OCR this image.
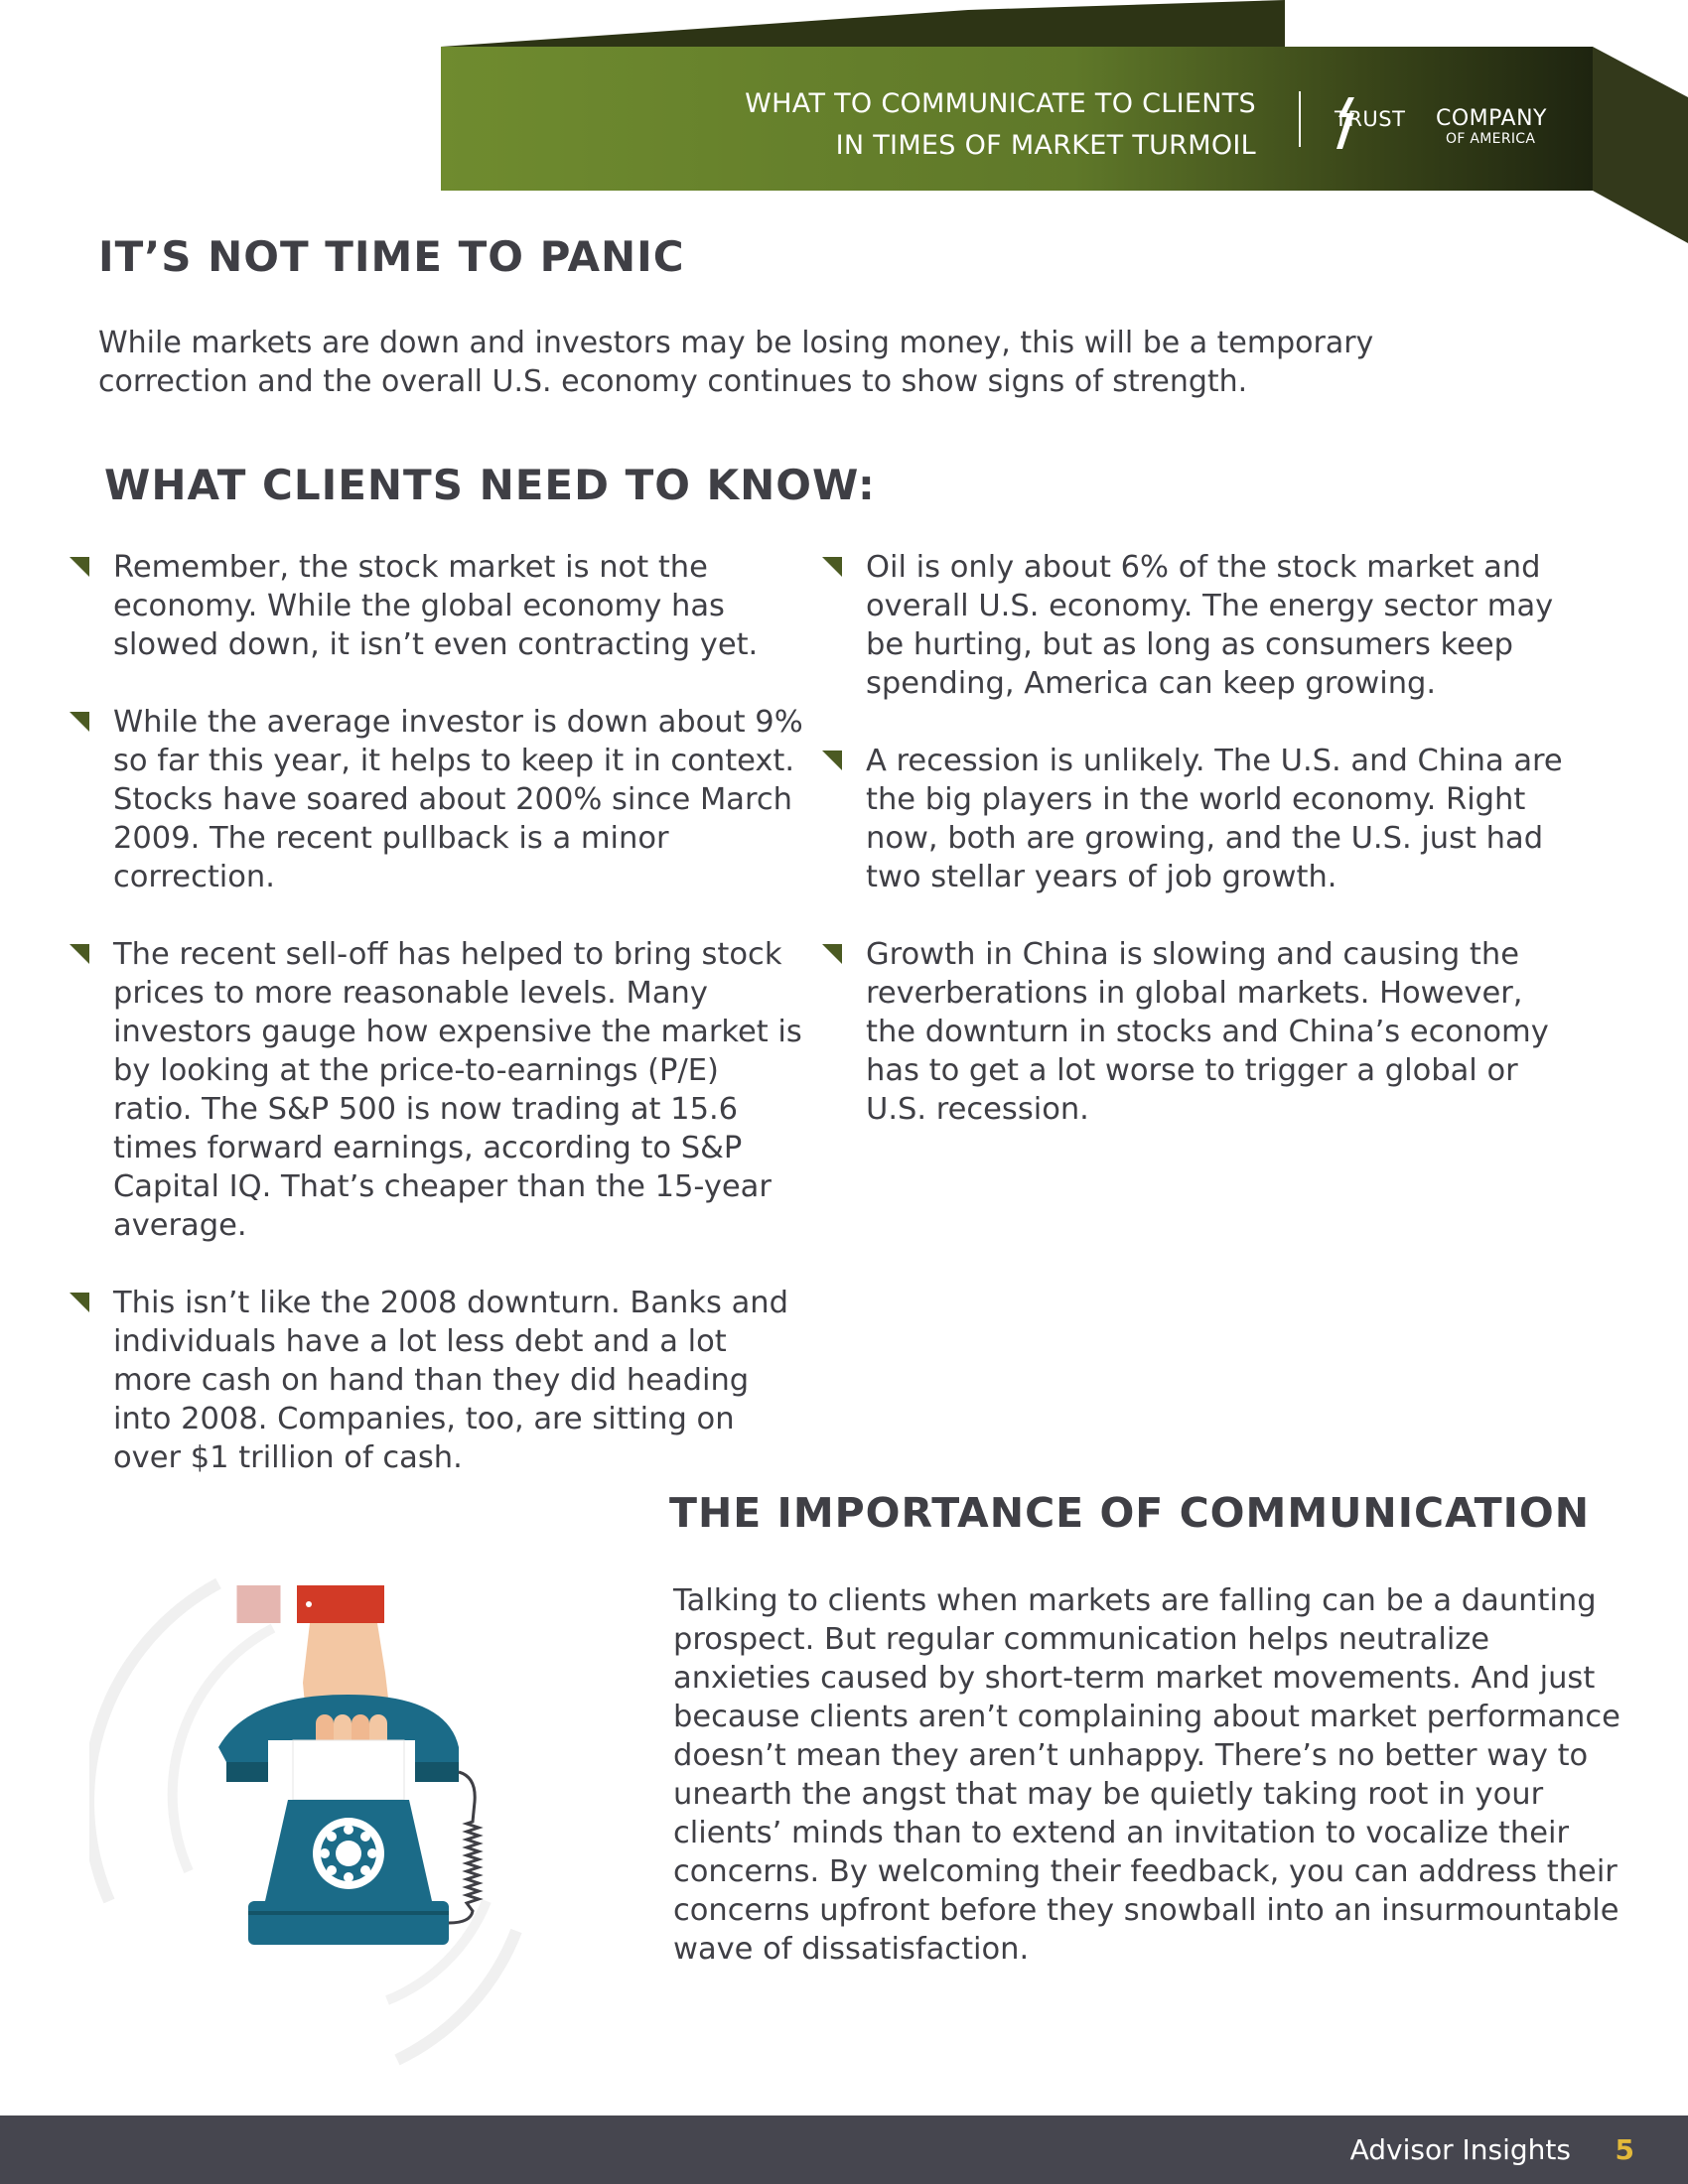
WHAT TO COMMUNICATE TO CLIENTS
IN TIMES OF MARKET TURMOIL
TRUST COMPANY
OF AMERICA
IT’S NOT TIME TO PANIC

While markets are down and investors may be losing money, this will be a temporary correction and the overall U.S. economy continues to show signs of strength.

WHAT CLIENTS NEED TO KNOW:
Remember, the stock market is not the economy. While the global economy has slowed down, it isn’t even contracting yet.
While the average investor is down about 9% so far this year, it helps to keep it in context. Stocks have soared about 200% since March 2009. The recent pullback is a minor correction.
The recent sell-off has helped to bring stock prices to more reasonable levels. Many investors gauge how expensive the market is by looking at the price-to-earnings (P/E) ratio. The S&P 500 is now trading at 15.6 times forward earnings, according to S&P Capital IQ. That’s cheaper than the 15-year average.
This isn’t like the 2008 downturn. Banks and individuals have a lot less debt and a lot more cash on hand than they did heading into 2008. Companies, too, are sitting on over $1 trillion of cash.
Oil is only about 6% of the stock market and overall U.S. economy. The energy sector may be hurting, but as long as consumers keep spending, America can keep growing.
A recession is unlikely. The U.S. and China are the big players in the world economy. Right now, both are growing, and the U.S. just had two stellar years of job growth.
Growth in China is slowing and causing the reverberations in global markets. However, the downturn in stocks and China’s economy has to get a lot worse to trigger a global or U.S. recession.
THE IMPORTANCE OF COMMUNICATION

Talking to clients when markets are falling can be a daunting prospect. But regular communication helps neutralize anxieties caused by short-term market movements. And just because clients aren’t complaining about market performance doesn’t mean they aren’t unhappy. There’s no better way to unearth the angst that may be quietly taking root in your clients’ minds than to extend an invitation to vocalize their concerns. By welcoming their feedback, you can address their concerns upfront before they snowball into an insurmountable wave of dissatisfaction.

Advisor Insights 5
